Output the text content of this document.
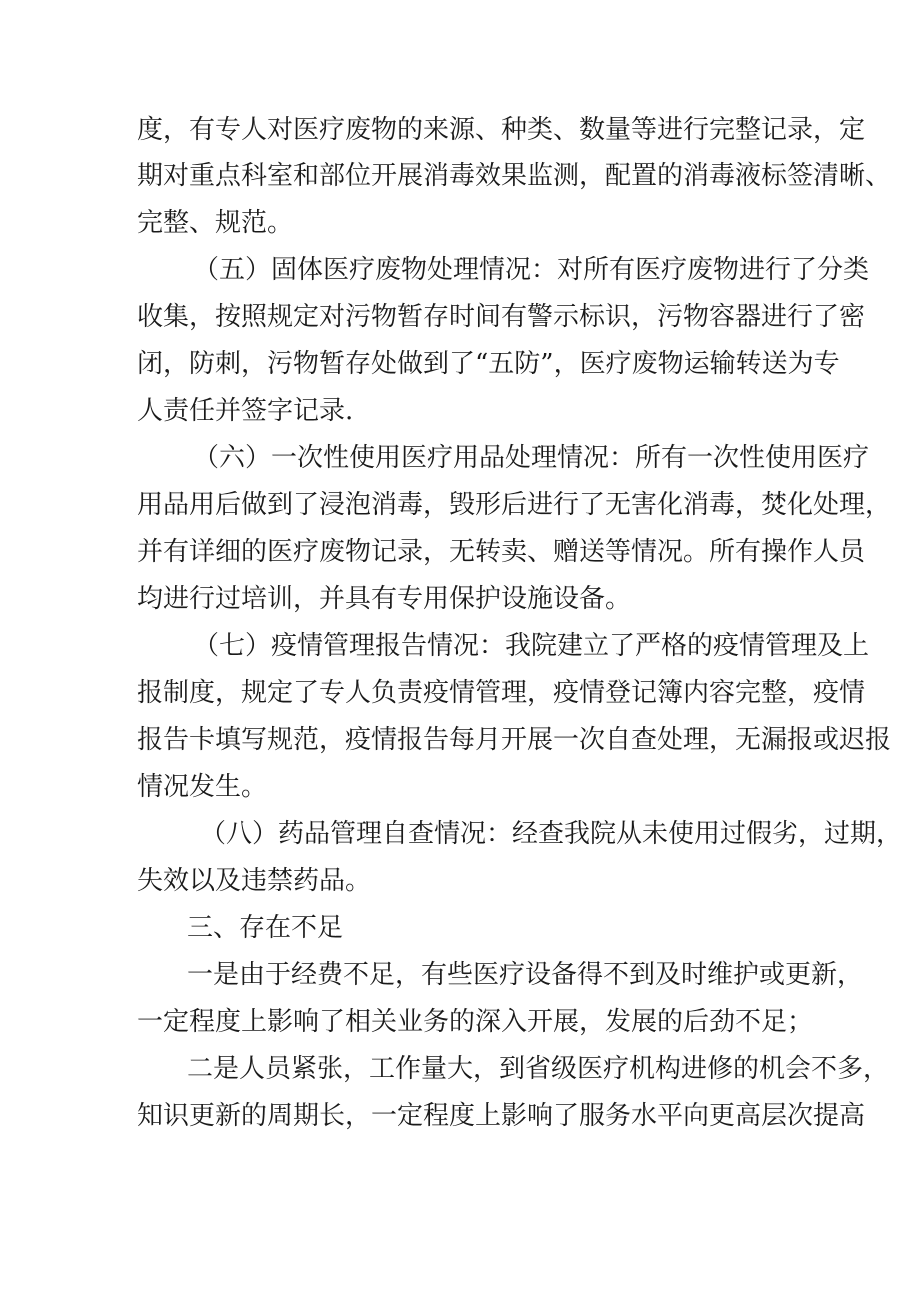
度，有专人对医疗废物的来源、种类、数量等进行完整记录，定
期对重点科室和部位开展消毒效果监测，配置的消毒液标签清晰、
完整、规范。
（五）固体医疗废物处理情况：对所有医疗废物进行了分类
收集，按照规定对污物暂存时间有警示标识，污物容器进行了密
闭，防刺，污物暂存处做到了“五防”，医疗废物运输转送为专
人责任并签字记录.
（六）一次性使用医疗用品处理情况：所有一次性使用医疗
用品用后做到了浸泡消毒，毁形后进行了无害化消毒，焚化处理，
并有详细的医疗废物记录，无转卖、赠送等情况。所有操作人员
均进行过培训，并具有专用保护设施设备。
（七）疫情管理报告情况：我院建立了严格的疫情管理及上
报制度，规定了专人负责疫情管理，疫情登记簿内容完整，疫情
报告卡填写规范，疫情报告每月开展一次自查处理，无漏报或迟报
情况发生。
（八）药品管理自查情况：经查我院从未使用过假劣，过期，
失效以及违禁药品。
三、存在不足
一是由于经费不足，有些医疗设备得不到及时维护或更新，
一定程度上影响了相关业务的深入开展，发展的后劲不足；
二是人员紧张，工作量大，到省级医疗机构进修的机会不多，
知识更新的周期长，一定程度上影响了服务水平向更高层次提高
